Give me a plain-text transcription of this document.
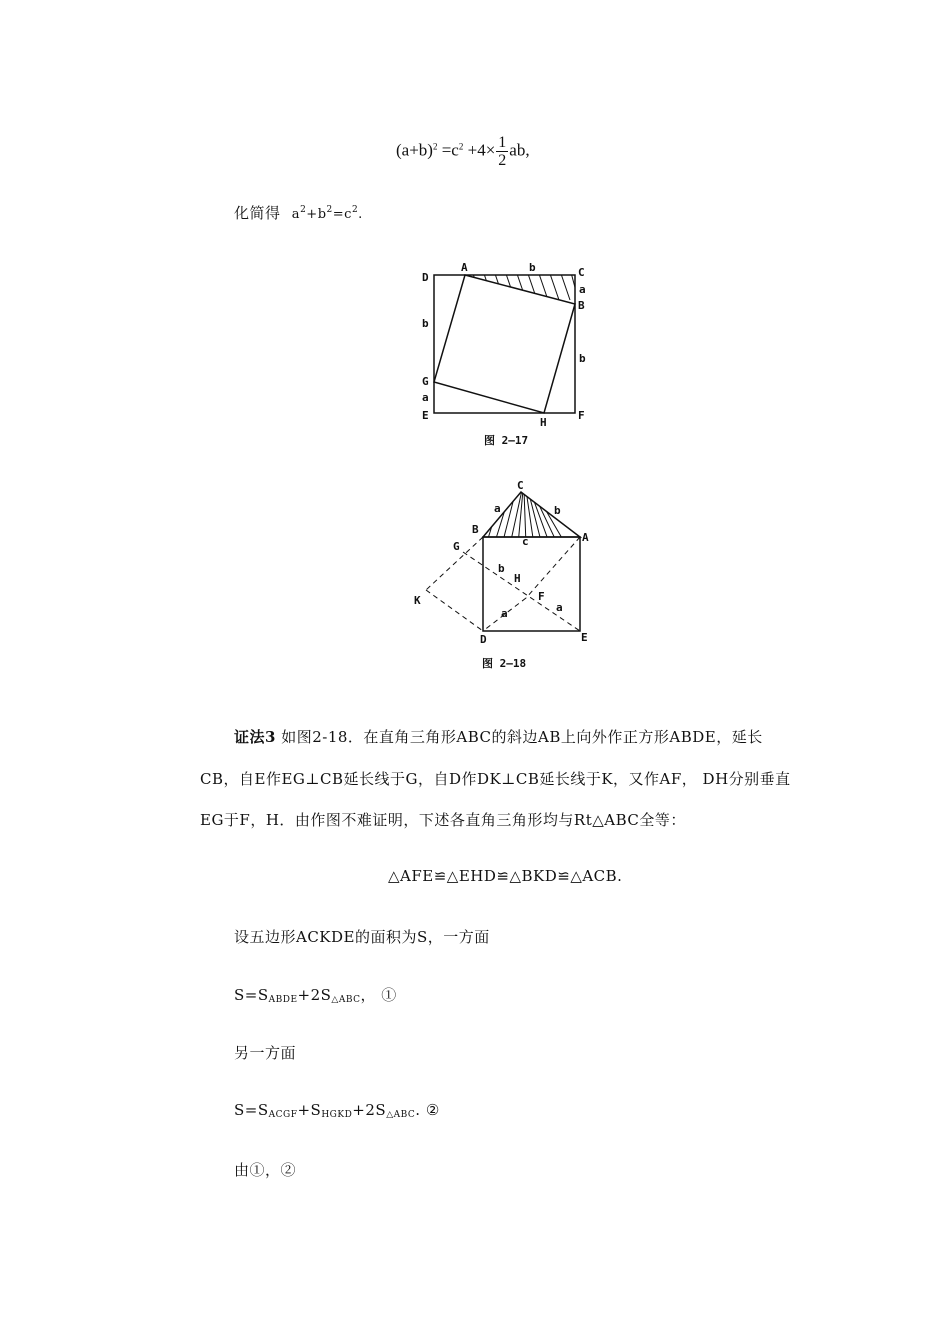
$(a+b)^2 =c^2 +4\times \frac{1}{2}$ ab,
化简得 $a^2+b^2=c^2$.
A	b	C
D
a
B
b
b
G
a
E
H
F
图 2—17
C
a	b
B
A
c
G
b
H
K	F
a	a
D	E
图 2—18
证法3 如图2-18．在直角三角形ABC的斜边AB上向外作正方形ABDE，延长
CB，自E作EG⊥CB延长线于G，自D作DK⊥CB延长线于K，又作AF， DH分别垂直
EG于F，H．由作图不难证明，下述各直角三角形均与Rt△ABC全等：
△AFE≌△EHD≌△BKD≌△ACB.
设五边形ACKDE的面积为S，一方面
$S=S_{ABDE}+2S_{\triangle ABC}$， ①
另一方面
$S=S_{ACGF}+S_{HGKD}+2S_{\triangle ABC}$. ②
由①，②
